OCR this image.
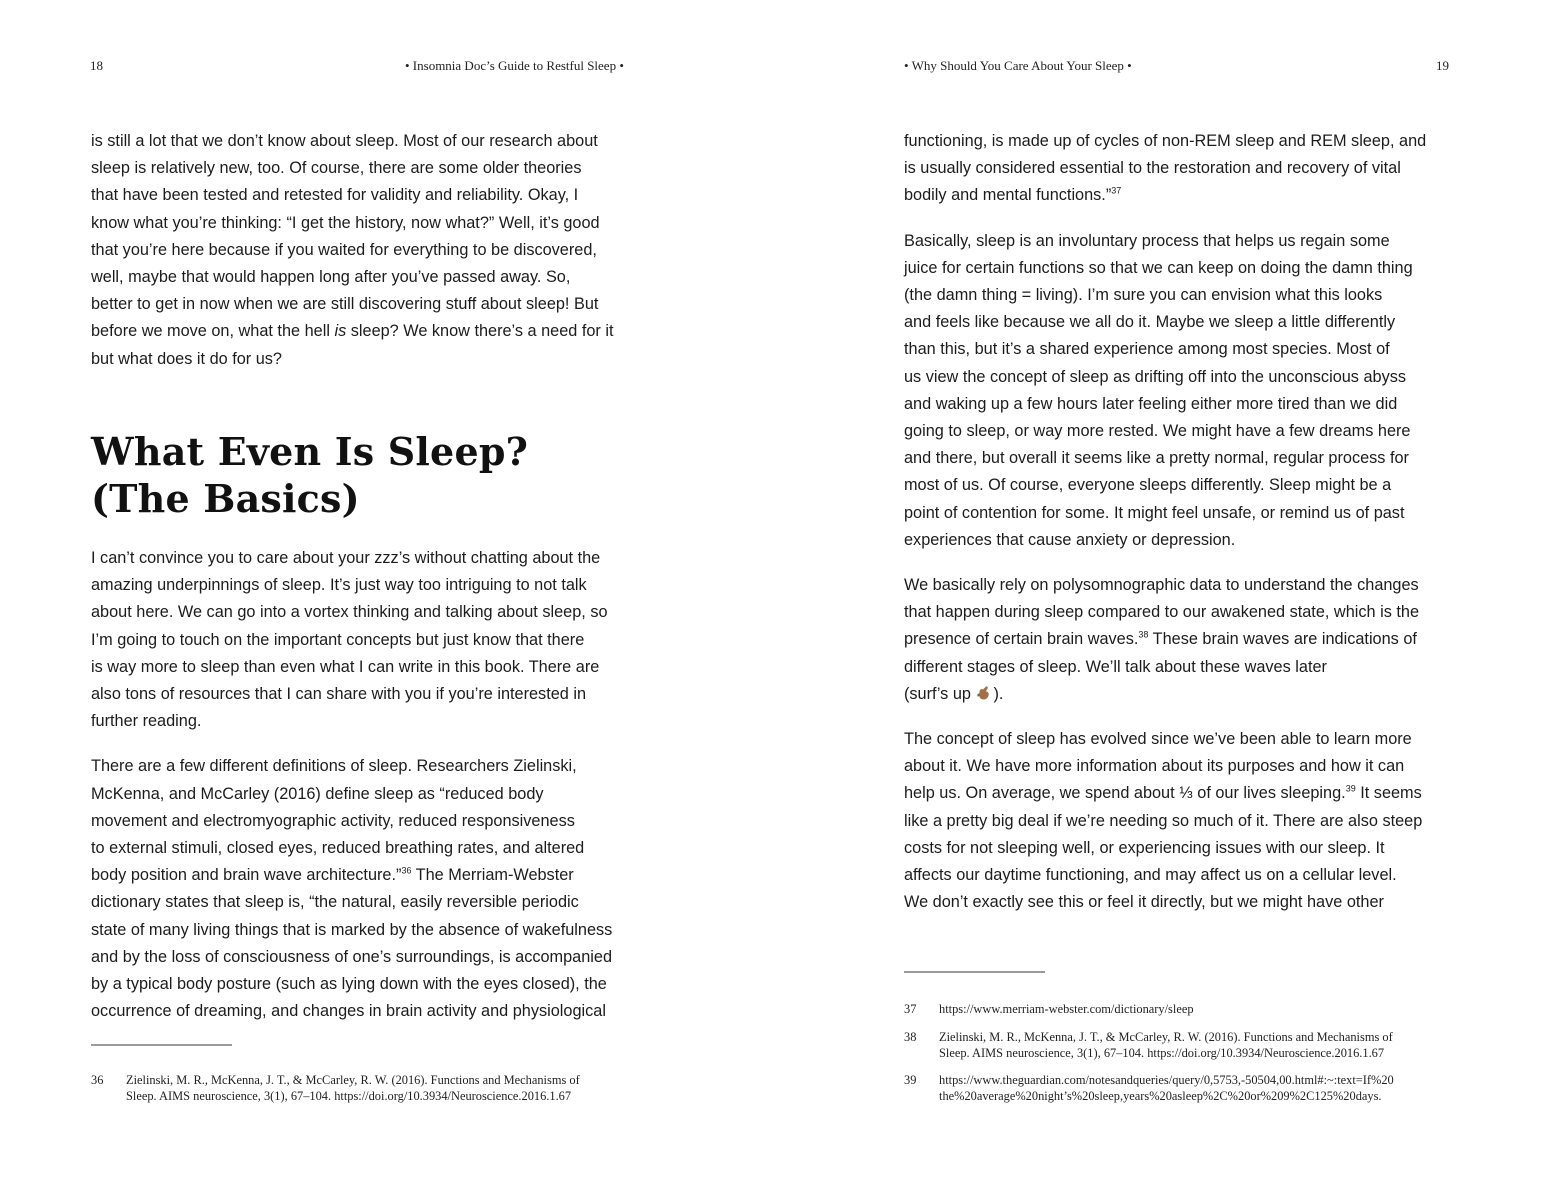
18	• Insomnia Doc’s Guide to Restful Sleep •

is still a lot that we don’t know about sleep. Most of our research about

sleep is relatively new, too. Of course, there are some older theories

that have been tested and retested for validity and reliability. Okay, I

know what you’re thinking: “I get the history, now what?” Well, it’s good

that you’re here because if you waited for everything to be discovered,

well, maybe that would happen long after you’ve passed away. So,

better to get in now when we are still discovering stuff about sleep! But

before we move on, what the hell is sleep? We know there’s a need for it

but what does it do for us?

What Even Is Sleep?
(The Basics)

I can’t convince you to care about your zzz’s without chatting about the

amazing underpinnings of sleep. It’s just way too intriguing to not talk

about here. We can go into a vortex thinking and talking about sleep, so

I’m going to touch on the important concepts but just know that there

is way more to sleep than even what I can write in this book. There are

also tons of resources that I can share with you if you’re interested in

further reading.

There are a few different definitions of sleep. Researchers Zielinski,

McKenna, and McCarley (2016) define sleep as “reduced body

movement and electromyographic activity, reduced responsiveness

to external stimuli, closed eyes, reduced breathing rates, and altered

body position and brain wave architecture.”$^{36}$ The Merriam-Webster

dictionary states that sleep is, “the natural, easily reversible periodic

state of many living things that is marked by the absence of wakefulness

and by the loss of consciousness of one’s surroundings, is accompanied

by a typical body posture (such as lying down with the eyes closed), the

occurrence of dreaming, and changes in brain activity and physiological

36	Zielinski, M. R., McKenna, J. T., & McCarley, R. W. (2016). Functions and Mechanisms of
Sleep. AIMS neuroscience, 3(1), 67–104. https://doi.org/10.3934/Neuroscience.2016.1.67
• Why Should You Care About Your Sleep •	19

functioning, is made up of cycles of non-REM sleep and REM sleep, and

is usually considered essential to the restoration and recovery of vital

bodily and mental functions.”$^{37}$

Basically, sleep is an involuntary process that helps us regain some

juice for certain functions so that we can keep on doing the damn thing

(the damn thing = living). I’m sure you can envision what this looks

and feels like because we all do it. Maybe we sleep a little differently

than this, but it’s a shared experience among most species. Most of

us view the concept of sleep as drifting off into the unconscious abyss

and waking up a few hours later feeling either more tired than we did

going to sleep, or way more rested. We might have a few dreams here

and there, but overall it seems like a pretty normal, regular process for

most of us. Of course, everyone sleeps differently. Sleep might be a

point of contention for some. It might feel unsafe, or remind us of past

experiences that cause anxiety or depression.

We basically rely on polysomnographic data to understand the changes

that happen during sleep compared to our awakened state, which is the

presence of certain brain waves.$^{38}$ These brain waves are indications of

different stages of sleep. We’ll talk about these waves later

(surf’s up ).

The concept of sleep has evolved since we’ve been able to learn more

about it. We have more information about its purposes and how it can

help us. On average, we spend about ⅓ of our lives sleeping.$^{39}$ It seems

like a pretty big deal if we’re needing so much of it. There are also steep

costs for not sleeping well, or experiencing issues with our sleep. It

affects our daytime functioning, and may affect us on a cellular level.

We don’t exactly see this or feel it directly, but we might have other

37	https://www.merriam-webster.com/dictionary/sleep
38	Zielinski, M. R., McKenna, J. T., & McCarley, R. W. (2016). Functions and Mechanisms of
Sleep. AIMS neuroscience, 3(1), 67–104. https://doi.org/10.3934/Neuroscience.2016.1.67
39	https://www.theguardian.com/notesandqueries/query/0,5753,-50504,00.html#:~:text=If%20
the%20average%20night’s%20sleep,years%20asleep%2C%20or%209%2C125%20days.
